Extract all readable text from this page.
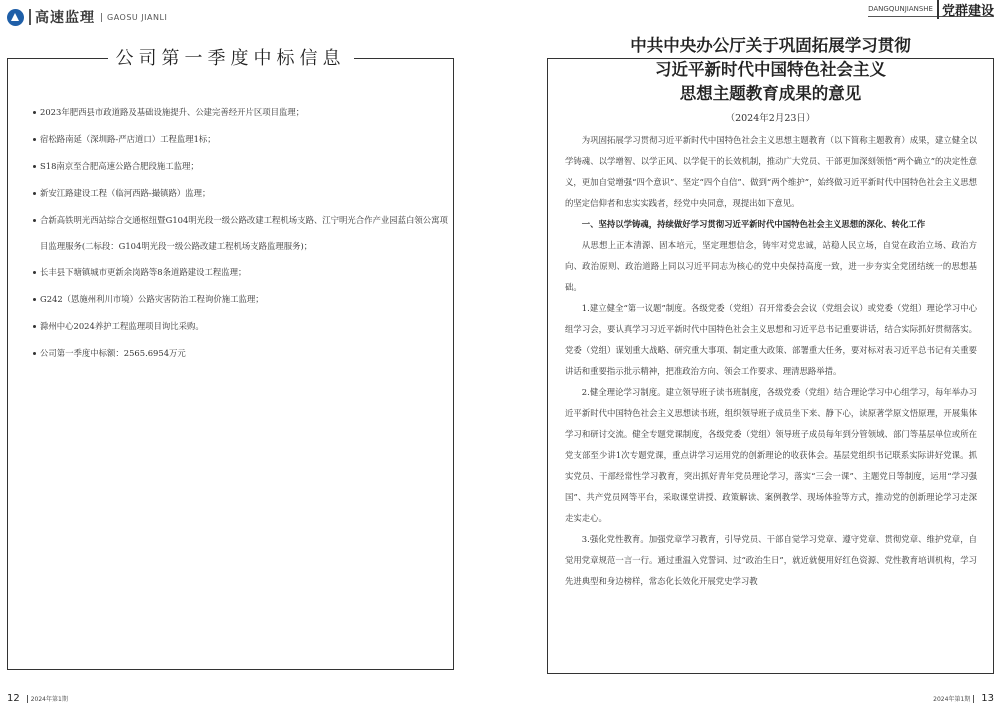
高速监理	GAOSU JIANLI
DANGQUNJIANSHE 党群建设
2023年肥西县市政道路及基础设施提升、公建完善经开片区项目监理；
宿松路南延（深圳路-严店道口）工程监理1标；
S18南京至合肥高速公路合肥段施工监理；
新安江路建设工程（临河西路-撮镇路）监理；
合新高铁明光西站综合交通枢纽暨G104明光段一级公路改建工程机场支路、江宁明光合作产业园蓝白领公寓项目监理服务(二标段：G104明光段一级公路改建工程机场支路监理服务)；
长丰县下塘镇城市更新余岗路等8条道路建设工程监理；
G242（恩施州利川市境）公路灾害防治工程询价施工监理；
滁州中心2024养护工程监理项目询比采购。
公司第一季度中标额：2565.6954万元
公司第一季度中标信息
中共中央办公厅关于巩固拓展学习贯彻
习近平新时代中国特色社会主义
思想主题教育成果的意见
（2024年2月23日）

为巩固拓展学习贯彻习近平新时代中国特色社会主义思想主题教育（以下简称主题教育）成果，建立健全以学铸魂、以学增智、以学正风、以学促干的长效机制，推动广大党员、干部更加深刻领悟“两个确立”的决定性意义，更加自觉增强“四个意识”、坚定“四个自信”、做到“两个维护”，始终做习近平新时代中国特色社会主义思想的坚定信仰者和忠实实践者，经党中央同意，现提出如下意见。

一、坚持以学铸魂，持续做好学习贯彻习近平新时代中国特色社会主义思想的深化、转化工作

从思想上正本清源、固本培元，坚定理想信念，铸牢对党忠诚，站稳人民立场，自觉在政治立场、政治方向、政治原则、政治道路上同以习近平同志为核心的党中央保持高度一致，进一步夯实全党团结统一的思想基础。

1.建立健全“第一议题”制度。各级党委（党组）召开常委会会议（党组会议）或党委（党组）理论学习中心组学习会，要认真学习习近平新时代中国特色社会主义思想和习近平总书记重要讲话，结合实际抓好贯彻落实。党委（党组）谋划重大战略、研究重大事项、制定重大政策、部署重大任务，要对标对表习近平总书记有关重要讲话和重要指示批示精神，把准政治方向、领会工作要求、理清思路举措。

2.健全理论学习制度。建立领导班子读书班制度，各级党委（党组）结合理论学习中心组学习，每年举办习近平新时代中国特色社会主义思想读书班，组织领导班子成员坐下来、静下心，读原著学原文悟原理，开展集体学习和研讨交流。健全专题党课制度，各级党委（党组）领导班子成员每年到分管领域、部门等基层单位或所在党支部至少讲1次专题党课，重点讲学习运用党的创新理论的收获体会。基层党组织书记联系实际讲好党课。抓实党员、干部经常性学习教育，突出抓好青年党员理论学习，落实“三会一课”、主题党日等制度，运用“学习强国”、共产党员网等平台，采取课堂讲授、政策解读、案例教学、现场体验等方式，推动党的创新理论学习走深走实走心。

3.强化党性教育。加强党章学习教育，引导党员、干部自觉学习党章、遵守党章、贯彻党章、维护党章，自觉用党章规范一言一行。通过重温入党誓词、过“政治生日”，就近就便用好红色资源、党性教育培训机构，学习先进典型和身边榜样，常态化长效化开展党史学习教

12 2024年第1期	2024年第1期 13
